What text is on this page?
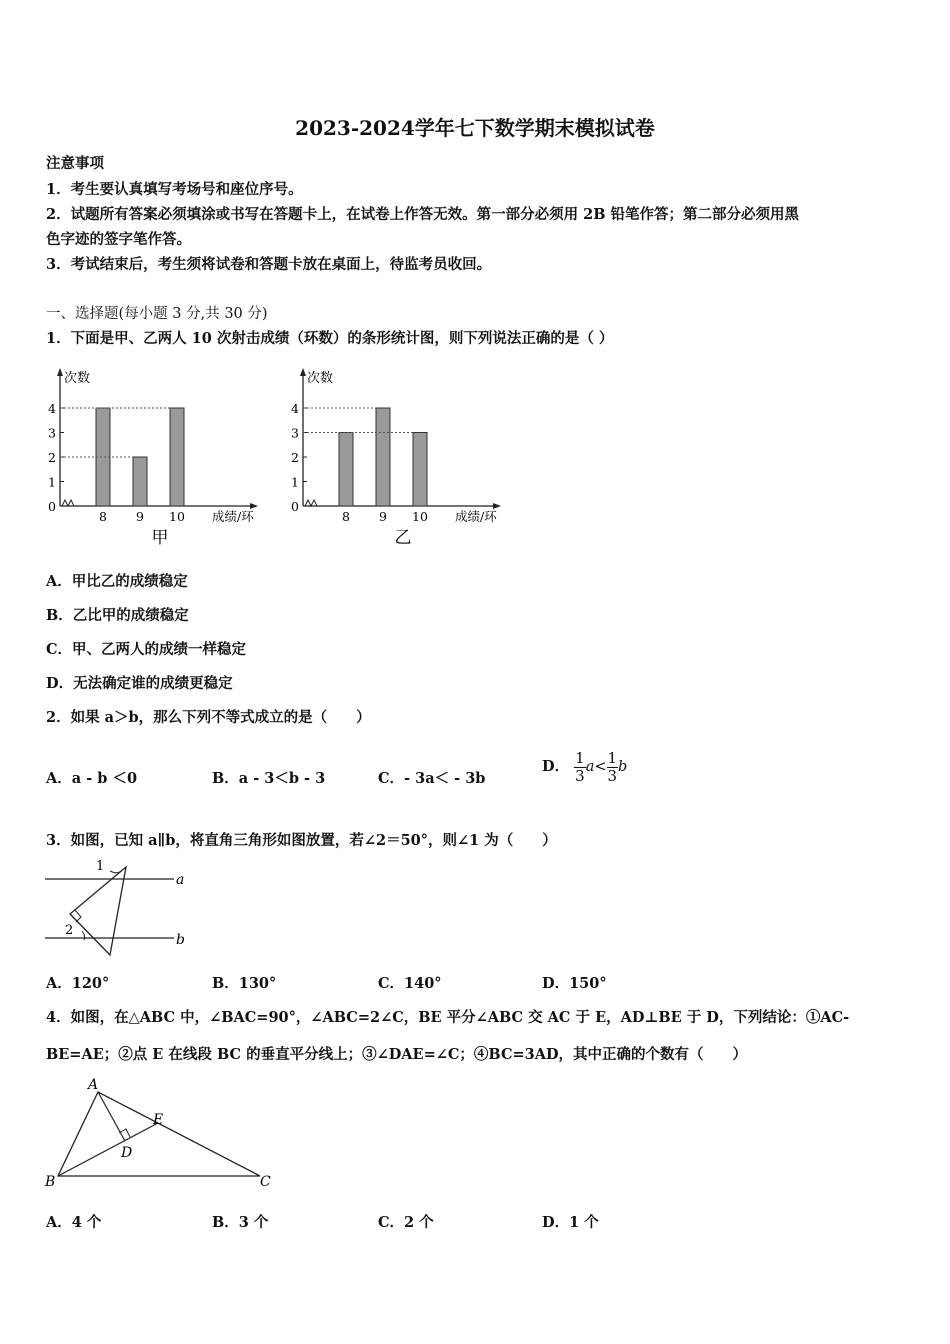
2023-2024学年七下数学期末模拟试卷
注意事项
1．考生要认真填写考场号和座位序号。
2．试题所有答案必须填涂或书写在答题卡上，在试卷上作答无效。第一部分必须用 2B 铅笔作答；第二部分必须用黑
色字迹的签字笔作答。
3．考试结束后，考生须将试卷和答题卡放在桌面上，待监考员收回。
一、选择题(每小题 3 分,共 30 分)
1．下面是甲、乙两人 10 次射击成绩（环数）的条形统计图，则下列说法正确的是（ ）
次数
成绩/环
0
1
2
3
4
8 9 10
甲
次数
成绩/环
0
1
2
3
4
8 9 10
乙
A．甲比乙的成绩稳定
B．乙比甲的成绩稳定
C．甲、乙两人的成绩一样稳定
D．无法确定谁的成绩更稳定
2．如果 a＞b，那么下列不等式成立的是（　　）
A．a - b ＜0	B．a - 3＜b - 3	C．- 3a＜ - 3b
D． $\frac{1}{3} a< \frac{1}{3}$ b
3．如图，已知 a∥b，将直角三角形如图放置，若∠2＝50°，则∠1 为（　　）
1
2
a
b
A．120°	B．130°	C．140°	D．150°
4．如图，在△ABC 中，∠BAC=90°，∠ABC=2∠C，BE 平分∠ABC 交 AC 于 E，AD⊥BE 于 D，下列结论：①AC-
BE=AE；②点 E 在线段 BC 的垂直平分线上；③∠DAE=∠C；④BC=3AD，其中正确的个数有（　　）
A
B	C
D
E
A．4 个	B．3 个	C．2 个	D．1 个
